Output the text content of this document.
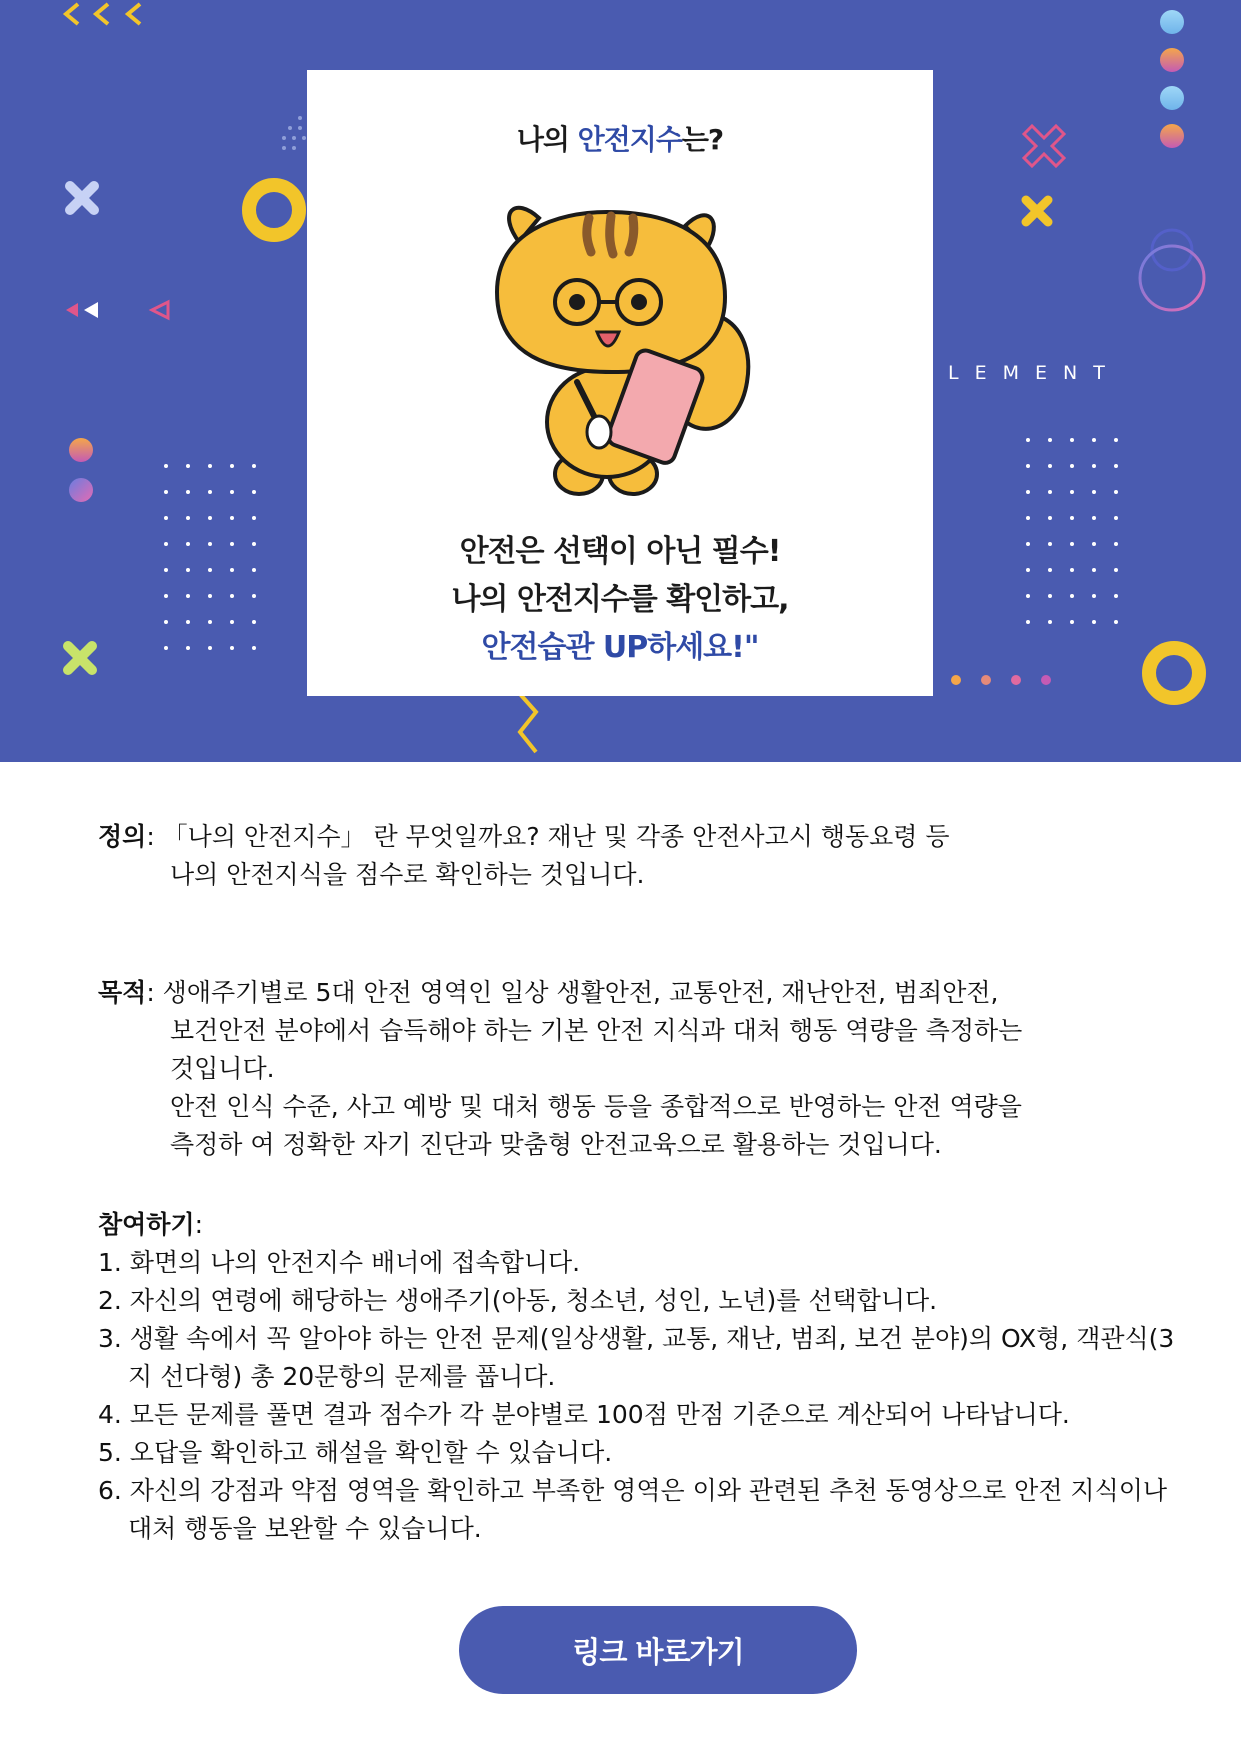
LEMENT
나의 안전지수는?
안전은 선택이 아닌 필수!
나의 안전지수를 확인하고,
안전습관 UP하세요!"

정의: 「나의 안전지수」 란 무엇일까요? 재난 및 각종 안전사고시 행동요령 등
나의 안전지식을 점수로 확인하는 것입니다.

목적: 생애주기별로 5대 안전 영역인 일상 생활안전, 교통안전, 재난안전, 범죄안전,
보건안전 분야에서 습득해야 하는 기본 안전 지식과 대처 행동 역량을 측정하는
것입니다.
안전 인식 수준, 사고 예방 및 대처 행동 등을 종합적으로 반영하는 안전 역량을
측정하 여 정확한 자기 진단과 맞춤형 안전교육으로 활용하는 것입니다.

참여하기:

1. 화면의 나의 안전지수 배너에 접속합니다.
2. 자신의 연령에 해당하는 생애주기(아동, 청소년, 성인, 노년)를 선택합니다.
3. 생활 속에서 꼭 알아야 하는 안전 문제(일상생활, 교통, 재난, 범죄, 보건 분야)의 OX형, 객관식(3지 선다형) 총 20문항의 문제를 풉니다.
4. 모든 문제를 풀면 결과 점수가 각 분야별로 100점 만점 기준으로 계산되어 나타납니다.
5. 오답을 확인하고 해설을 확인할 수 있습니다.
6. 자신의 강점과 약점 영역을 확인하고 부족한 영역은 이와 관련된 추천 동영상으로 안전 지식이나 대처 행동을 보완할 수 있습니다.
링크 바로가기
